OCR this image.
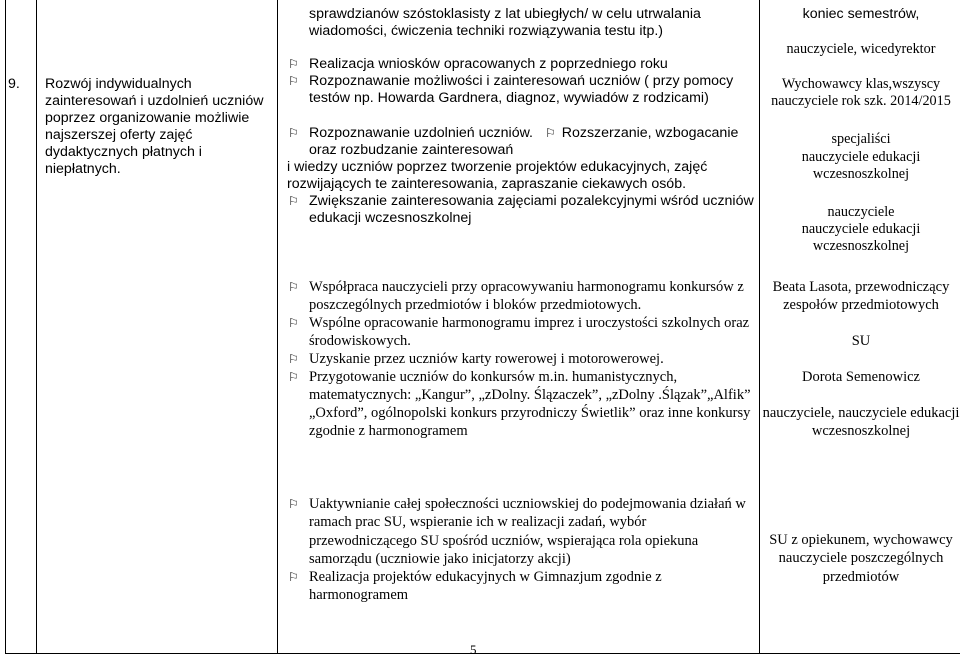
9.	Rozwój indywidualnych zainteresowań i uzdolnień uczniów poprzez organizowanie możliwie najszerszej oferty zajęć dydaktycznych płatnych i niepłatnych.
sprawdzianów szóstoklasisty z lat ubiegłych/ w celu utrwalania wiadomości, ćwiczenia techniki rozwiązywania testu itp.)
⚐ Realizacja wniosków opracowanych z poprzedniego roku
⚐ Rozpoznawanie możliwości i zainteresowań uczniów ( przy pomocy testów np. Howarda Gardnera, diagnoz, wywiadów z rodzicami)
⚐ Rozpoznawanie uzdolnień uczniów. ⚐ Rozszerzanie, wzbogacanie oraz rozbudzanie zainteresowań
i wiedzy uczniów poprzez tworzenie projektów edukacyjnych, zajęć rozwijających te zainteresowania, zapraszanie ciekawych osób.
⚐ Zwiększanie zainteresowania zajęciami pozalekcyjnymi wśród uczniów edukacji wczesnoszkolnej
⚐ Współpraca nauczycieli przy opracowywaniu harmonogramu konkursów z poszczególnych przedmiotów i bloków przedmiotowych.
⚐ Wspólne opracowanie harmonogramu imprez i uroczystości szkolnych oraz środowiskowych.
⚐ Uzyskanie przez uczniów karty rowerowej i motorowerowej.
⚐ Przygotowanie uczniów do konkursów m.in. humanistycznych, matematycznych: „Kangur”, „zDolny. Ślązaczek”, „zDolny .Ślązak”„Alfik” „Oxford”, ogólnopolski konkurs przyrodniczy Świetlik” oraz inne konkursy zgodnie z harmonogramem
⚐ Uaktywnianie całej społeczności uczniowskiej do podejmowania działań w ramach prac SU, wspieranie ich w realizacji zadań, wybór przewodniczącego SU spośród uczniów, wspierająca rola opiekuna samorządu (uczniowie jako inicjatorzy akcji)
⚐ Realizacja projektów edukacyjnych w Gimnazjum zgodnie z harmonogramem
koniec semestrów,
nauczyciele, wicedyrektor
Wychowawcy klas,wszyscy nauczyciele rok szk. 2014/2015
specjaliści
nauczyciele edukacji wczesnoszkolnej
nauczyciele
nauczyciele edukacji wczesnoszkolnej
Beata Lasota, przewodniczący zespołów przedmiotowych
SU
Dorota Semenowicz
nauczyciele, nauczyciele edukacji wczesnoszkolnej
SU z opiekunem, wychowawcy nauczyciele poszczególnych przedmiotów
5
